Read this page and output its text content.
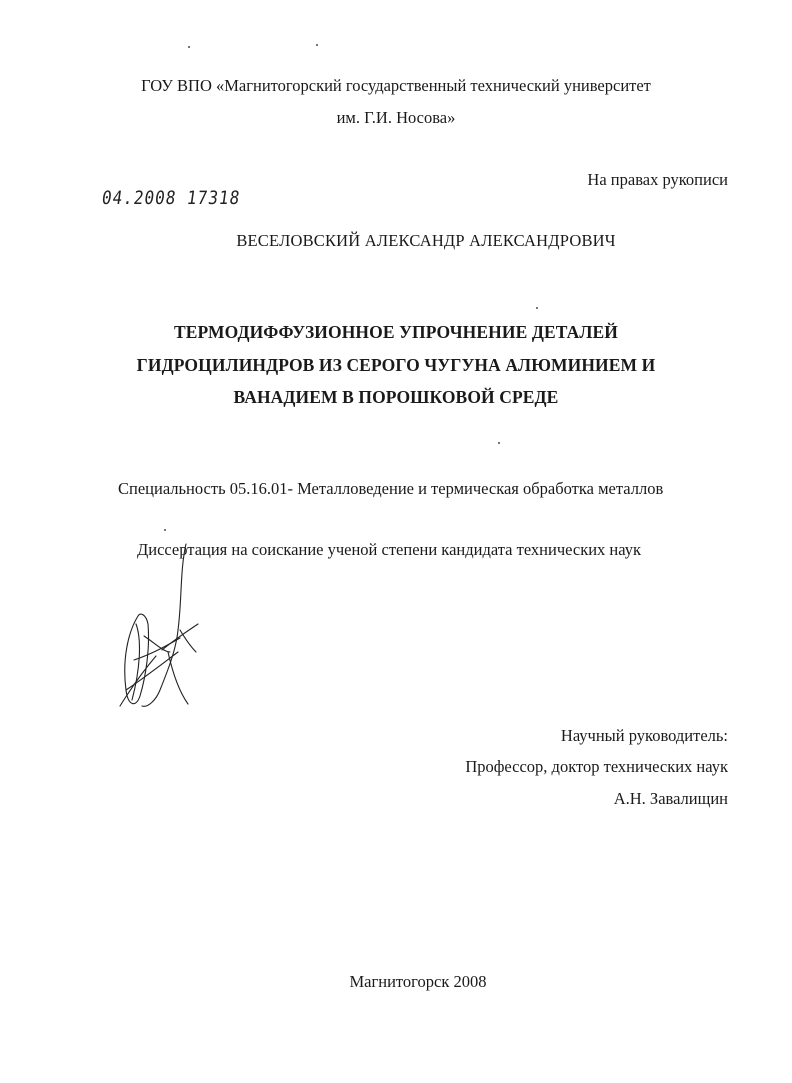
ГОУ ВПО «Магнитогорский государственный технический университет
им. Г.И. Носова»
На правах рукописи
04.2008 17318
ВЕСЕЛОВСКИЙ АЛЕКСАНДР АЛЕКСАНДРОВИЧ
ТЕРМОДИФФУЗИОННОЕ УПРОЧНЕНИЕ ДЕТАЛЕЙ
ГИДРОЦИЛИНДРОВ ИЗ СЕРОГО ЧУГУНА АЛЮМИНИЕМ И
ВАНАДИЕМ В ПОРОШКОВОЙ СРЕДЕ
Специальность 05.16.01- Металловедение и термическая обработка металлов
Диссертация на соискание ученой степени кандидата технических наук
Научный руководитель:
Профессор, доктор технических наук
А.Н. Завалищин
Магнитогорск 2008
